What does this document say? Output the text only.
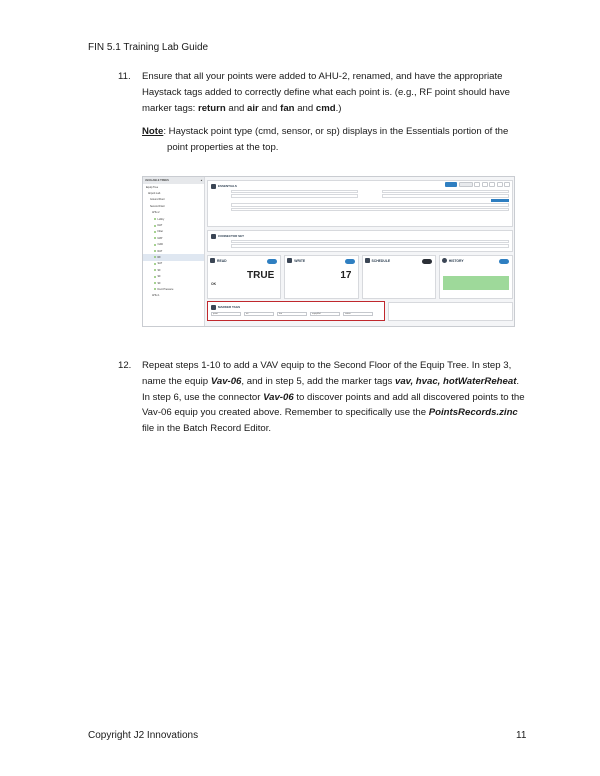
FIN 5.1 Training Lab Guide
11. Ensure that all your points were added to AHU-2, renamed, and have the appropriate Haystack tags added to correctly define what each point is. (e.g., RF point should have marker tags: return and air and fan and cmd.)
Note: Haystack point type (cmd, sensor, or sp) displays in the Essentials portion of the
point properties at the top.
AVAILABLE TREES	◂
Equip Tree
Airport Lab
Ground Floor
Second Floor
AHU-2
Lobby
DAT
Filter
MAT
OAD
RAT
RF
SAT
SF
SF
SF
Duct Pressure
AHU-1
ESSENTIALS
CONNECTOR SET
READ
TRUE
OK
WRITE
17
SCHEDULE	HISTORY
MARKER TAGS
point	air	fan	equipRef	return
12. Repeat steps 1-10 to add a VAV equip to the Second Floor of the Equip Tree. In step 3, name the equip Vav-06, and in step 5, add the marker tags vav, hvac, hotWaterReheat. In step 6, use the connector Vav-06 to discover points and add all discovered points to the Vav-06 equip you created above. Remember to specifically use the PointsRecords.zinc file in the Batch Record Editor.
Copyright J2 Innovations	11
